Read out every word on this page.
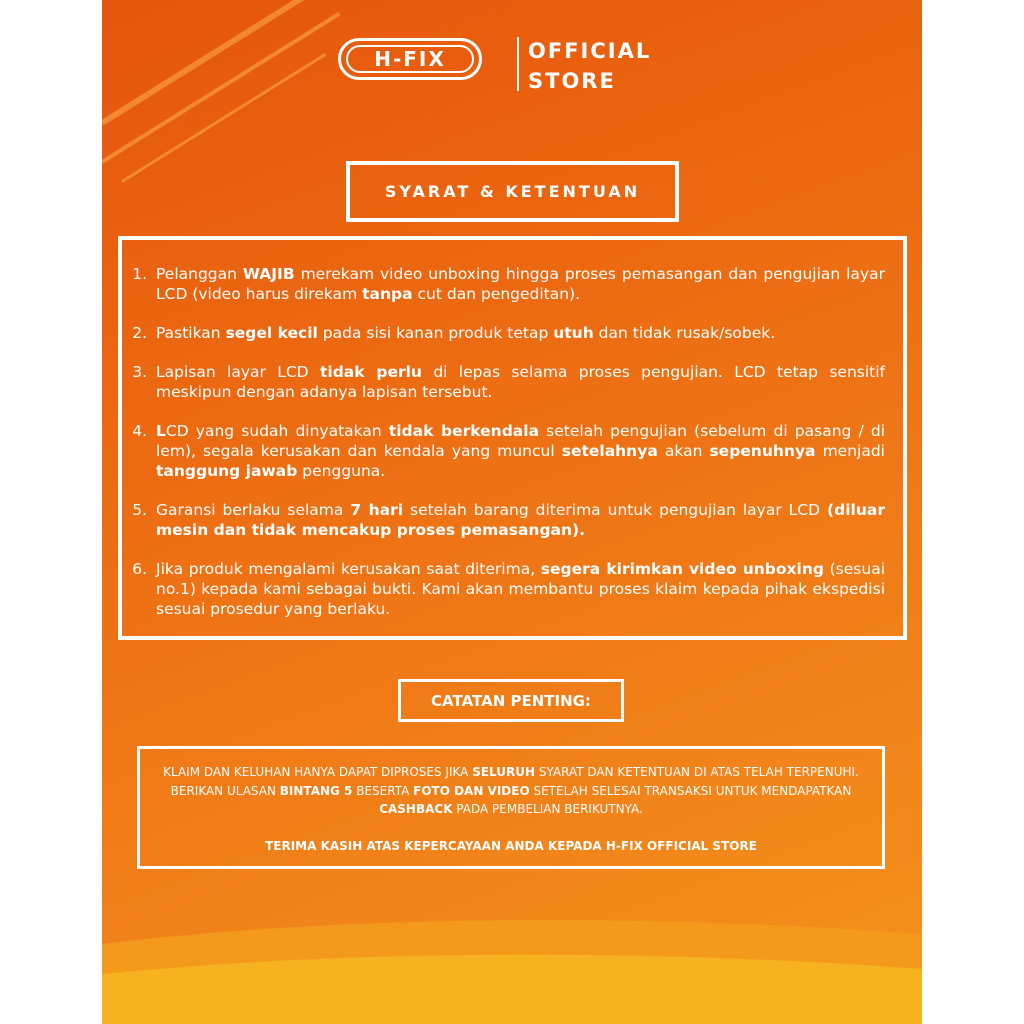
H-FIX	OFFICIAL
STORE
SYARAT & KETENTUAN
1. Pelanggan WAJIB merekam video unboxing hingga proses pemasangan dan pengujian layar LCD (video harus direkam tanpa cut dan pengeditan).
2. Pastikan segel kecil pada sisi kanan produk tetap utuh dan tidak rusak/sobek.
3. Lapisan layar LCD tidak perlu di lepas selama proses pengujian. LCD tetap sensitif meskipun dengan adanya lapisan tersebut.
4. LCD yang sudah dinyatakan tidak berkendala setelah pengujian (sebelum di pasang / di lem), segala kerusakan dan kendala yang muncul setelahnya akan sepenuhnya menjadi tanggung jawab pengguna.
5. Garansi berlaku selama 7 hari setelah barang diterima untuk pengujian layar LCD (diluar mesin dan tidak mencakup proses pemasangan).
6. Jika produk mengalami kerusakan saat diterima, segera kirimkan video unboxing (sesuai no.1) kepada kami sebagai bukti. Kami akan membantu proses klaim kepada pihak ekspedisi sesuai prosedur yang berlaku.
CATATAN PENTING:

KLAIM DAN KELUHAN HANYA DAPAT DIPROSES JIKA SELURUH SYARAT DAN KETENTUAN DI ATAS TELAH TERPENUHI. BERIKAN ULASAN BINTANG 5 BESERTA FOTO DAN VIDEO SETELAH SELESAI TRANSAKSI UNTUK MENDAPATKAN CASHBACK PADA PEMBELIAN BERIKUTNYA.

TERIMA KASIH ATAS KEPERCAYAAN ANDA KEPADA H-FIX OFFICIAL STORE
